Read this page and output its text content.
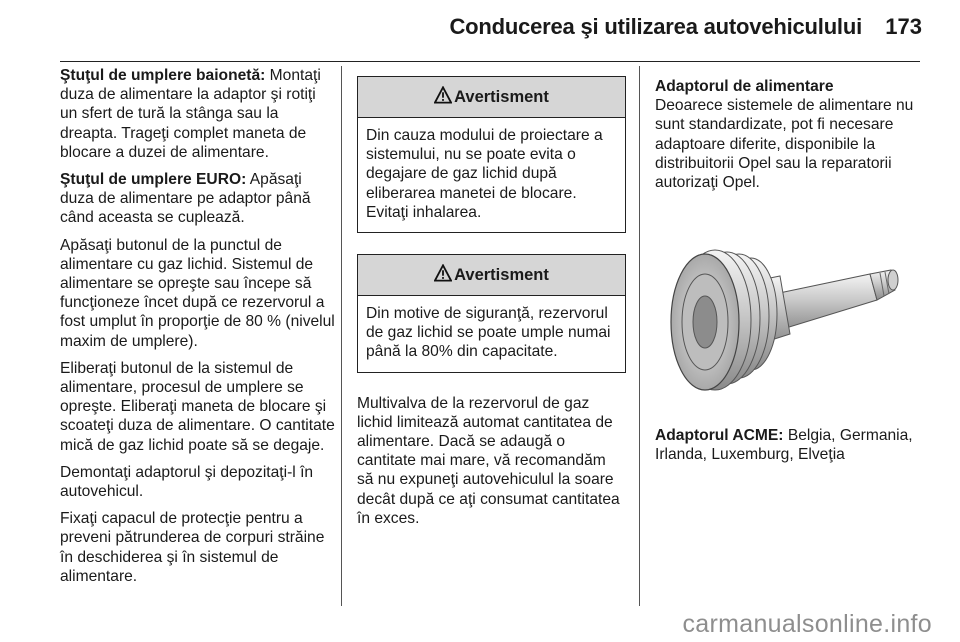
Conducerea şi utilizarea autovehiculului 173

Ştuţul de umplere baionetă: Montaţi duza de alimentare la adaptor şi rotiţi un sfert de tură la stânga sau la dreapta. Trageţi complet maneta de blocare a duzei de alimentare.

Ştuţul de umplere EURO: Apăsaţi duza de alimentare pe adaptor până când aceasta se cuplează.

Apăsaţi butonul de la punctul de alimentare cu gaz lichid. Sistemul de alimentare se opreşte sau începe să funcţioneze încet după ce rezervorul a fost umplut în proporţie de 80 % (nivelul maxim de umplere).

Eliberaţi butonul de la sistemul de alimentare, procesul de umplere se opreşte. Eliberaţi maneta de blocare şi scoateţi duza de alimentare. O cantitate mică de gaz lichid poate să se degaje.

Demontaţi adaptorul şi depozitaţi-l în autovehicul.

Fixaţi capacul de protecţie pentru a preveni pătrunderea de corpuri străine în deschiderea şi în sistemul de alimentare.

Avertisment
Din cauza modului de proiectare a sistemului, nu se poate evita o degajare de gaz lichid după eliberarea manetei de blocare. Evitaţi inhalarea.
Avertisment
Din motive de siguranţă, rezervorul de gaz lichid se poate umple numai până la 80% din capacitate.

Multivalva de la rezervorul de gaz lichid limitează automat cantitatea de alimentare. Dacă se adaugă o cantitate mai mare, vă recomandăm să nu expuneţi autovehiculul la soare decât după ce aţi consumat cantitatea în exces.

Adaptorul de alimentare

Deoarece sistemele de alimentare nu sunt standardizate, pot fi necesare adaptoare diferite, disponibile la distribuitorii Opel sau la reparatorii autorizaţi Opel.

Adaptorul ACME: Belgia, Germania, Irlanda, Luxemburg, Elveţia

carmanualsonline.info
